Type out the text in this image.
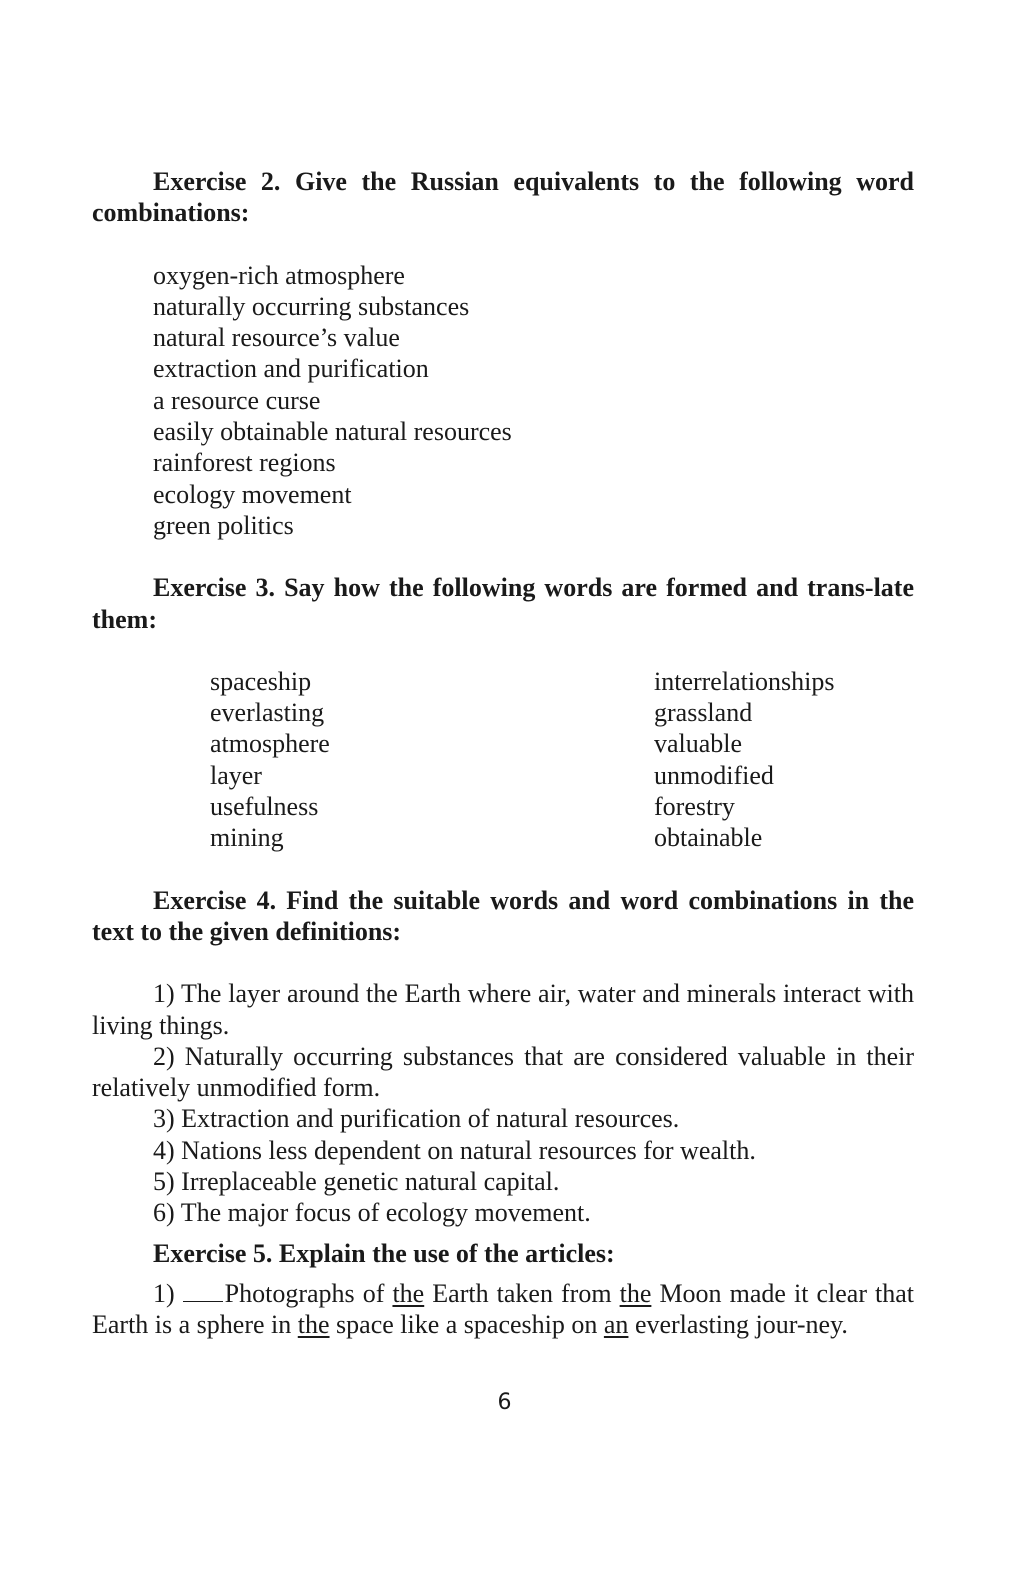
Exercise 2. Give the Russian equivalents to the following word combinations:

oxygen-rich atmosphere
naturally occurring substances
natural resource’s value
extraction and purification
a resource curse
easily obtainable natural resources
rainforest regions
ecology movement
green politics

Exercise 3. Say how the following words are formed and trans-late them:

spaceship
everlasting
atmosphere
layer
usefulness
mining
interrelationships
grassland
valuable
unmodified
forestry
obtainable

Exercise 4. Find the suitable words and word combinations in the text to the given definitions:

1) The layer around the Earth where air, water and minerals interact with living things.

2) Naturally occurring substances that are considered valuable in their relatively unmodified form.

3) Extraction and purification of natural resources.

4) Nations less dependent on natural resources for wealth.

5) Irreplaceable genetic natural capital.

6) The major focus of ecology movement.

Exercise 5. Explain the use of the articles:

1) Photographs of the Earth taken from the Moon made it clear that Earth is a sphere in the space like a spaceship on an everlasting jour-ney.

6
